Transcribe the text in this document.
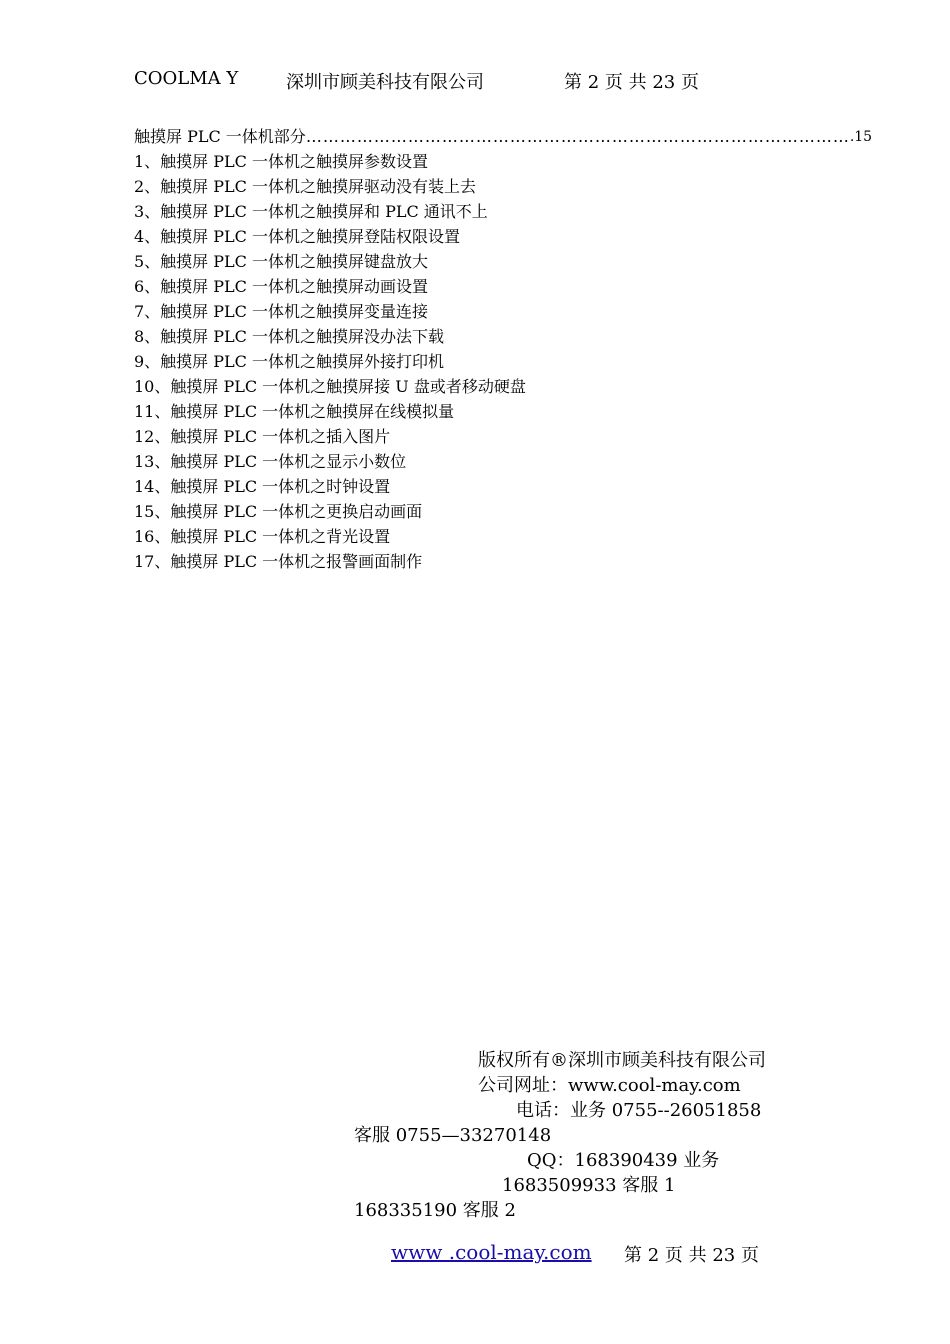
COOLMA Y	深圳市顾美科技有限公司	第 2 页 共 23 页
触摸屏 PLC 一体机部分 …………………………………………………………………………………… .15
1、触摸屏 PLC 一体机之触摸屏参数设置
2、触摸屏 PLC 一体机之触摸屏驱动没有装上去
3、触摸屏 PLC 一体机之触摸屏和 PLC 通讯不上
4、触摸屏 PLC 一体机之触摸屏登陆权限设置
5、触摸屏 PLC 一体机之触摸屏键盘放大
6、触摸屏 PLC 一体机之触摸屏动画设置
7、触摸屏 PLC 一体机之触摸屏变量连接
8、触摸屏 PLC 一体机之触摸屏没办法下载
9、触摸屏 PLC 一体机之触摸屏外接打印机
10、触摸屏 PLC 一体机之触摸屏接 U 盘或者移动硬盘
11、触摸屏 PLC 一体机之触摸屏在线模拟量
12、触摸屏 PLC 一体机之插入图片
13、触摸屏 PLC 一体机之显示小数位
14、触摸屏 PLC 一体机之时钟设置
15、触摸屏 PLC 一体机之更换启动画面
16、触摸屏 PLC 一体机之背光设置
17、触摸屏 PLC 一体机之报警画面制作
版权所有®深圳市顾美科技有限公司
公司网址：www.cool-may.com
电话：业务 0755--26051858
客服 0755—33270148
QQ：168390439 业务
1683509933 客服 1
168335190 客服 2
www .cool-may.com 第 2 页 共 23 页
